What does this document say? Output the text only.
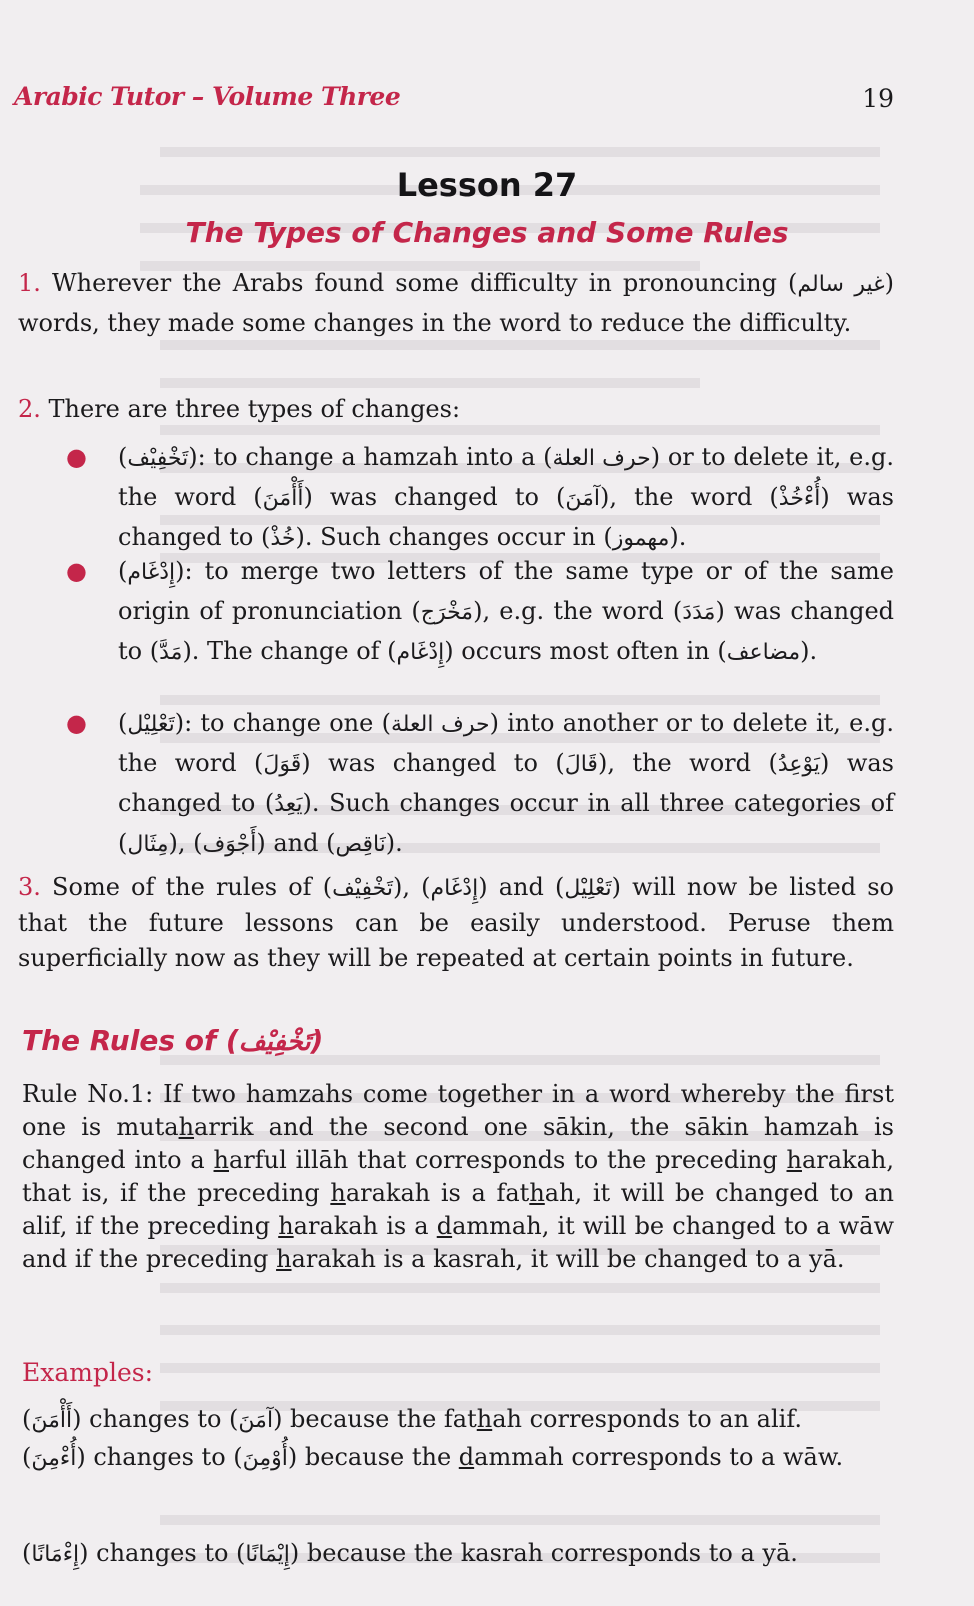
Arabic Tutor – Volume Three	19
Lesson 27
The Types of Changes and Some Rules
1. Wherever the Arabs found some difficulty in pronouncing (غير سالم) words, they made some changes in the word to reduce the difficulty.
2. There are three types of changes:
● (تَخْفِيْف): to change a hamzah into a (حرف العلة) or to delete it, e.g. the word (أَأْمَنَ) was changed to (آمَنَ), the word (أُءْخُذْ) was changed to (خُذْ). Such changes occur in (مهموز).
● (إِدْغَام): to merge two letters of the same type or of the same origin of pronunciation (مَخْرَج), e.g. the word (مَدَدَ) was changed to (مَدَّ). The change of (إِدْغَام) occurs most often in (مضاعف).
● (تَعْلِيْل): to change one (حرف العلة) into another or to delete it, e.g. the word (قَوَلَ) was changed to (قَالَ), the word (يَوْعِدُ) was changed to (يَعِدُ). Such changes occur in all three categories of (مِثَال), (أَجْوَف) and (نَاقِص).
3. Some of the rules of (تَخْفِيْف), (إِدْغَام) and (تَعْلِيْل) will now be listed so that the future lessons can be easily understood. Peruse them superficially now as they will be repeated at certain points in future.
The Rules of (تَخْفِيْف)
Rule No.1: If two hamzahs come together in a word whereby the first one is mutaharrik and the second one sākin, the sākin hamzah is changed into a harful illāh that corresponds to the preceding harakah, that is, if the preceding harakah is a fathah, it will be changed to an alif, if the preceding harakah is a dammah, it will be changed to a wāw and if the preceding harakah is a kasrah, it will be changed to a yā.
Examples:
(أَأْمَنَ) changes to (آمَنَ) because the fathah corresponds to an alif.
(أُءْمِنَ) changes to (أُوْمِنَ) because the dammah corresponds to a wāw.
(إِءْمَانًا) changes to (إِيْمَانًا) because the kasrah corresponds to a yā.
